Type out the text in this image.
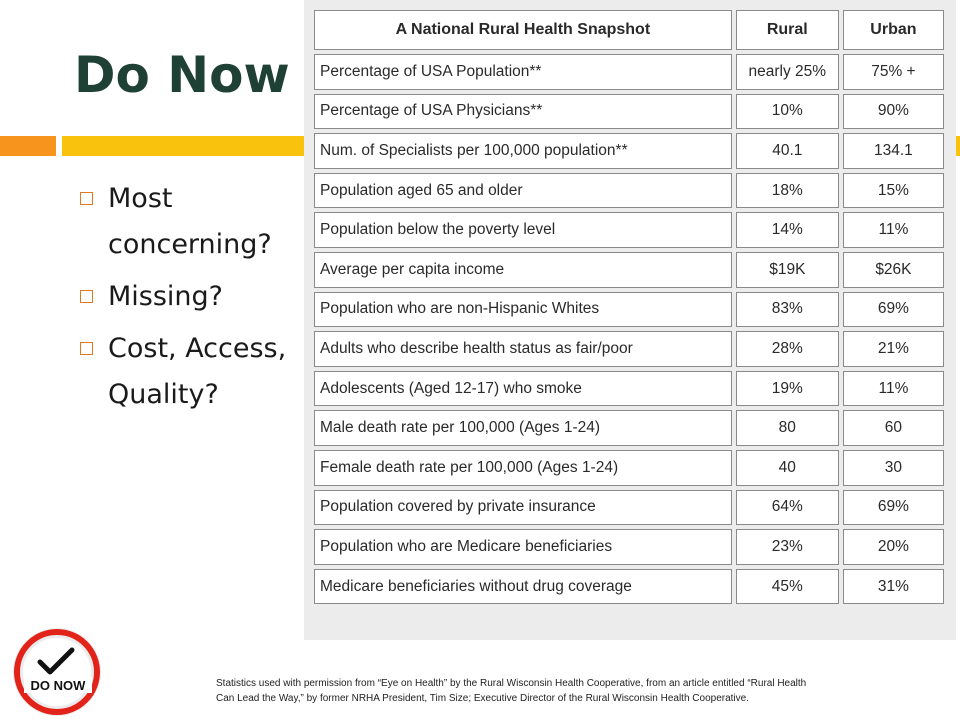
Do Now
Most concerning?
Missing?
Cost, Access, Quality?
A National Rural Health Snapshot	Rural	Urban
Percentage of USA Population**	nearly 25%	75% +
Percentage of USA Physicians**	10%	90%
Num. of Specialists per 100,000 population**	40.1	134.1
Population aged 65 and older	18%	15%
Population below the poverty level	14%	11%
Average per capita income	$19K	$26K
Population who are non-Hispanic Whites	83%	69%
Adults who describe health status as fair/poor	28%	21%
Adolescents (Aged 12-17) who smoke	19%	11%
Male death rate per 100,000 (Ages 1-24)	80	60
Female death rate per 100,000 (Ages 1-24)	40	30
Population covered by private insurance	64%	69%
Population who are Medicare beneficiaries	23%	20%
Medicare beneficiaries without drug coverage	45%	31%
DO NOW	Statistics used with permission from “Eye on Health” by the Rural Wisconsin Health Cooperative, from an article entitled “Rural Health Can Lead the Way,” by former NRHA President, Tim Size; Executive Director of the Rural Wisconsin Health Cooperative.
